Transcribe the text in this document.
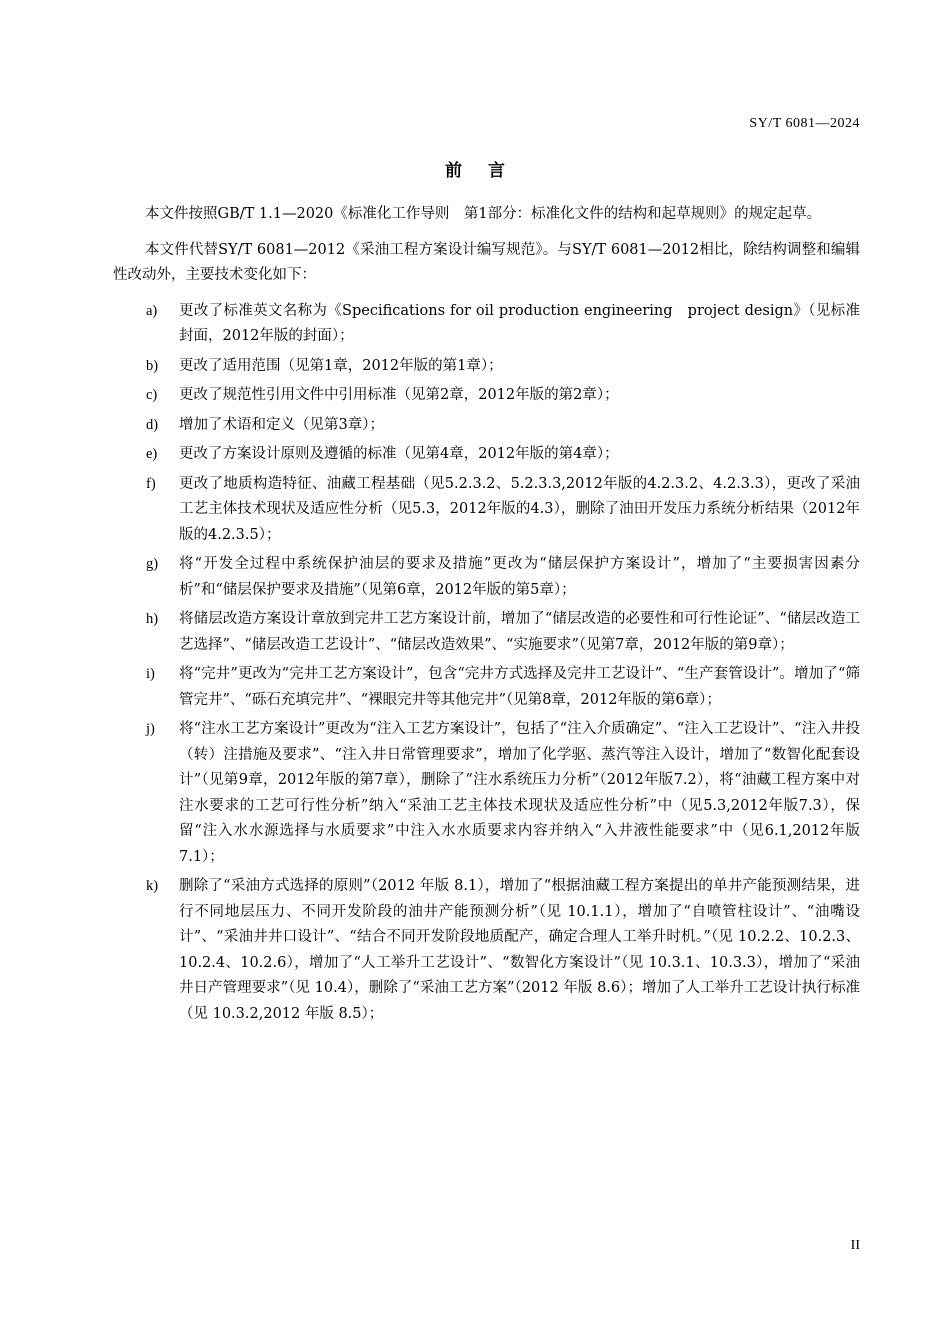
SY/T 6081—2024
前言

本文件按照GB/T 1.1—2020《标准化工作导则　第1部分：标准化文件的结构和起草规则》的规定起草。

本文件代替SY/T 6081—2012《采油工程方案设计编写规范》。与SY/T 6081—2012相比，除结构调整和编辑性改动外，主要技术变化如下：

a) 更改了标准英文名称为《Specifications for oil production engineering　project design》（见标准封面，2012年版的封面）；
b) 更改了适用范围（见第1章，2012年版的第1章）；
c) 更改了规范性引用文件中引用标准（见第2章，2012年版的第2章）；
d) 增加了术语和定义（见第3章）；
e) 更改了方案设计原则及遵循的标准（见第4章，2012年版的第4章）；
f) 更改了地质构造特征、油藏工程基础（见5.2.3.2、5.2.3.3,2012年版的4.2.3.2、4.2.3.3），更改了采油工艺主体技术现状及适应性分析（见5.3，2012年版的4.3），删除了油田开发压力系统分析结果（2012年版的4.2.3.5）；
g) 将“开发全过程中系统保护油层的要求及措施”更改为“储层保护方案设计”，增加了“主要损害因素分析”和“储层保护要求及措施”（见第6章，2012年版的第5章）；
h) 将储层改造方案设计章放到完井工艺方案设计前，增加了“储层改造的必要性和可行性论证”、“储层改造工艺选择”、“储层改造工艺设计”、“储层改造效果”、“实施要求”（见第7章，2012年版的第9章）；
i) 将“完井”更改为“完井工艺方案设计”，包含“完井方式选择及完井工艺设计”、“生产套管设计”。增加了“筛管完井”、“砾石充填完井”、“裸眼完井等其他完井”（见第8章，2012年版的第6章）；
j) 将“注水工艺方案设计”更改为“注入工艺方案设计”，包括了“注入介质确定”、“注入工艺设计”、“注入井投（转）注措施及要求”、“注入井日常管理要求”，增加了化学驱、蒸汽等注入设计，增加了“数智化配套设计”（见第9章，2012年版的第7章），删除了“注水系统压力分析”（2012年版7.2），将“油藏工程方案中对注水要求的工艺可行性分析”纳入“采油工艺主体技术现状及适应性分析”中（见5.3,2012年版7.3），保留“注入水水源选择与水质要求”中注入水水质要求内容并纳入“入井液性能要求”中（见6.1,2012年版7.1）；
k) 删除了“采油方式选择的原则”（2012 年版 8.1），增加了“根据油藏工程方案提出的单井产能预测结果，进行不同地层压力、不同开发阶段的油井产能预测分析”（见 10.1.1），增加了“自喷管柱设计”、“油嘴设计”、“采油井井口设计”、“结合不同开发阶段地质配产，确定合理人工举升时机。”（见 10.2.2、10.2.3、10.2.4、10.2.6），增加了“人工举升工艺设计”、“数智化方案设计”（见 10.3.1、10.3.3），增加了“采油井日产管理要求”（见 10.4），删除了“采油工艺方案”（2012 年版 8.6）；增加了人工举升工艺设计执行标准（见 10.3.2,2012 年版 8.5）；
II
